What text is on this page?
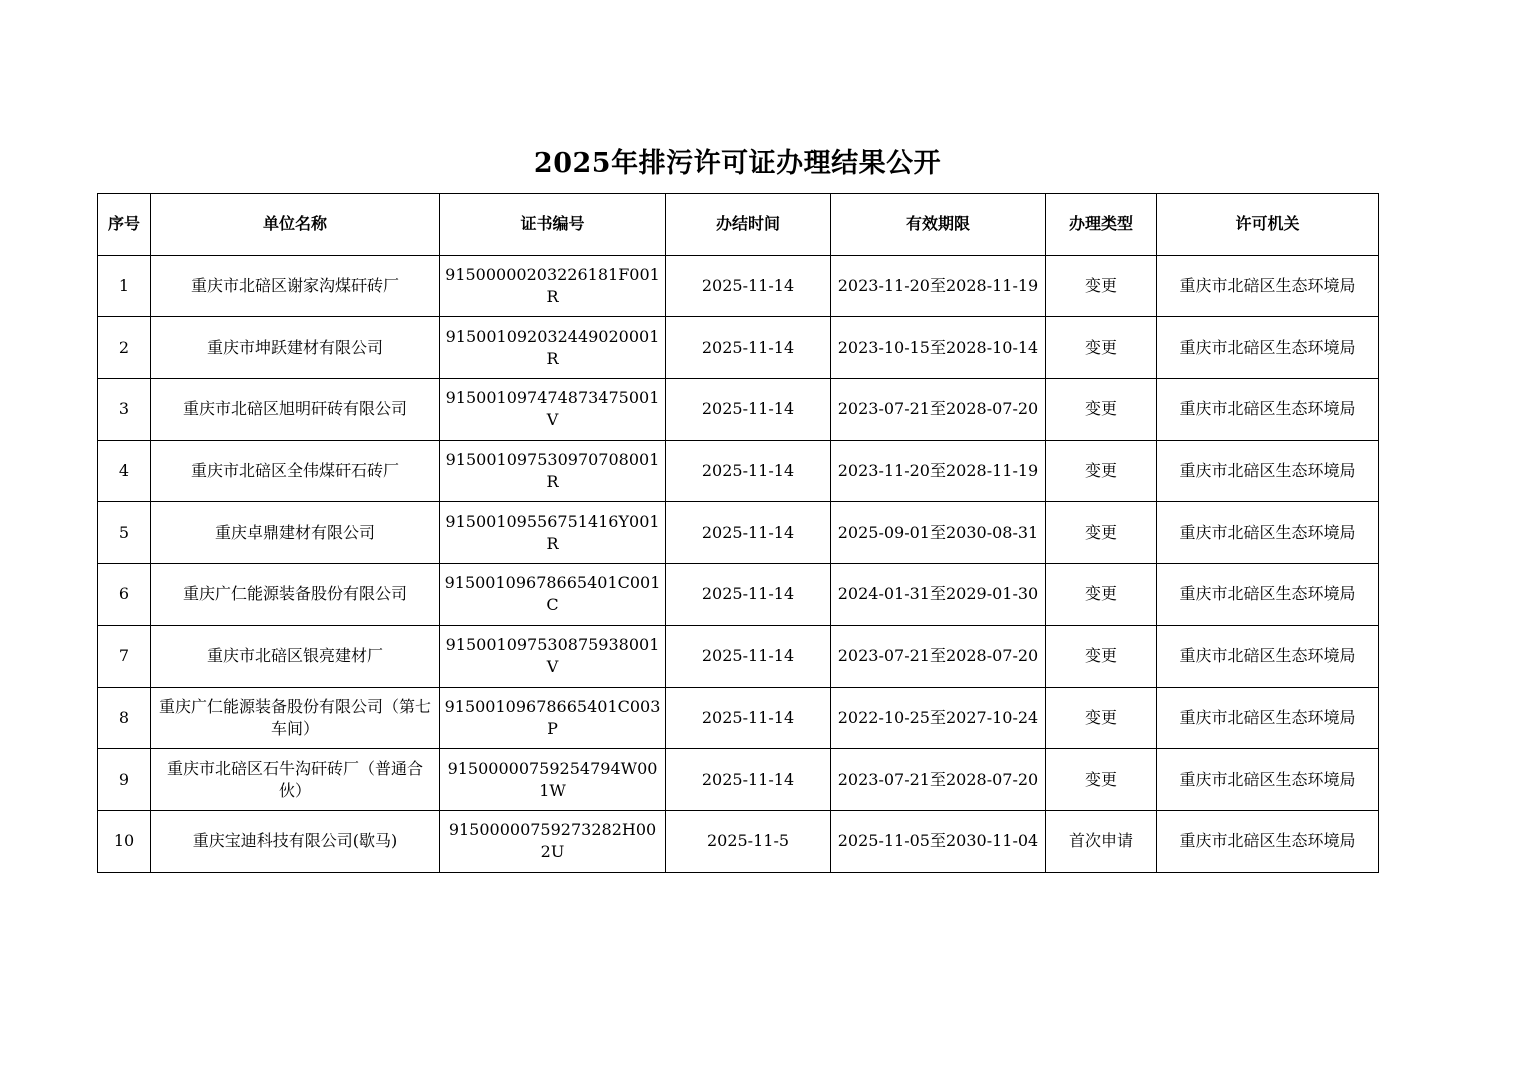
2025年排污许可证办理结果公开
序号	单位名称	证书编号	办结时间	有效期限	办理类型	许可机关
1	重庆市北碚区谢家沟煤矸砖厂	91500000203226181F001R	2025-11-14	2023-11-20至2028-11-19	变更	重庆市北碚区生态环境局
2	重庆市坤跃建材有限公司	915001092032449020001R	2025-11-14	2023-10-15至2028-10-14	变更	重庆市北碚区生态环境局
3	重庆市北碚区旭明矸砖有限公司	915001097474873475001V	2025-11-14	2023-07-21至2028-07-20	变更	重庆市北碚区生态环境局
4	重庆市北碚区全伟煤矸石砖厂	915001097530970708001R	2025-11-14	2023-11-20至2028-11-19	变更	重庆市北碚区生态环境局
5	重庆卓鼎建材有限公司	91500109556751416Y001R	2025-11-14	2025-09-01至2030-08-31	变更	重庆市北碚区生态环境局
6	重庆广仁能源装备股份有限公司	91500109678665401C001C	2025-11-14	2024-01-31至2029-01-30	变更	重庆市北碚区生态环境局
7	重庆市北碚区银亮建材厂	915001097530875938001V	2025-11-14	2023-07-21至2028-07-20	变更	重庆市北碚区生态环境局
8	重庆广仁能源装备股份有限公司（第七车间）	91500109678665401C003P	2025-11-14	2022-10-25至2027-10-24	变更	重庆市北碚区生态环境局
9	重庆市北碚区石牛沟矸砖厂（普通合伙）	91500000759254794W001W	2025-11-14	2023-07-21至2028-07-20	变更	重庆市北碚区生态环境局
10	重庆宝迪科技有限公司(歇马)	91500000759273282H002U	2025-11-5	2025-11-05至2030-11-04	首次申请	重庆市北碚区生态环境局
